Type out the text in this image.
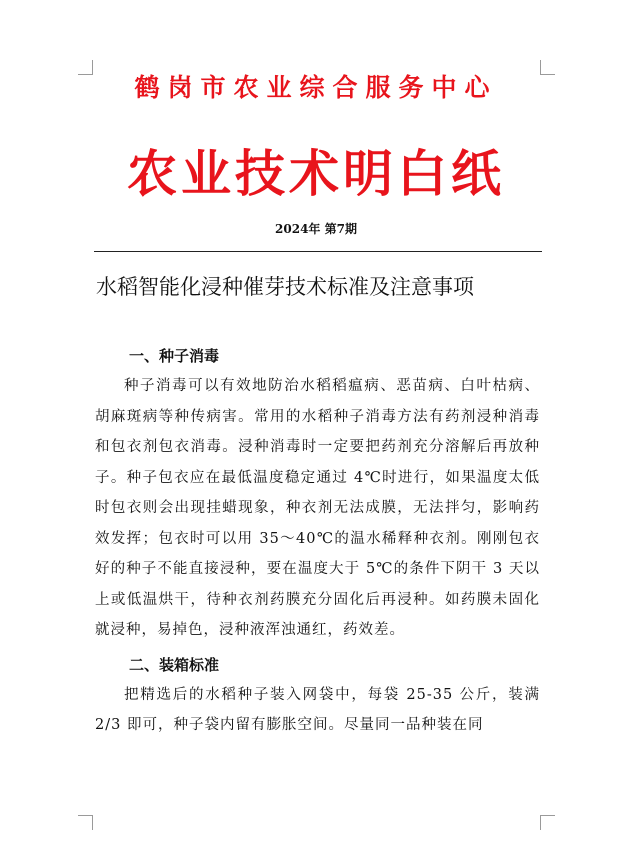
鹤岗市农业综合服务中心
农业技术明白纸
2024年 第7期
水稻智能化浸种催芽技术标准及注意事项
一、种子消毒

种子消毒可以有效地防治水稻稻瘟病、恶苗病、白叶枯病、胡麻斑病等种传病害。常用的水稻种子消毒方法有药剂浸种消毒和包衣剂包衣消毒。浸种消毒时一定要把药剂充分溶解后再放种子。种子包衣应在最低温度稳定通过 4℃时进行，如果温度太低时包衣则会出现挂蜡现象，种衣剂无法成膜，无法拌匀，影响药效发挥；包衣时可以用 35～40℃的温水稀释种衣剂。刚刚包衣好的种子不能直接浸种，要在温度大于 5℃的条件下阴干 3 天以上或低温烘干，待种衣剂药膜充分固化后再浸种。如药膜未固化就浸种，易掉色，浸种液浑浊通红，药效差。

二、装箱标准

把精选后的水稻种子装入网袋中，每袋 25-35 公斤，装满 2/3 即可，种子袋内留有膨胀空间。尽量同一品种装在同
